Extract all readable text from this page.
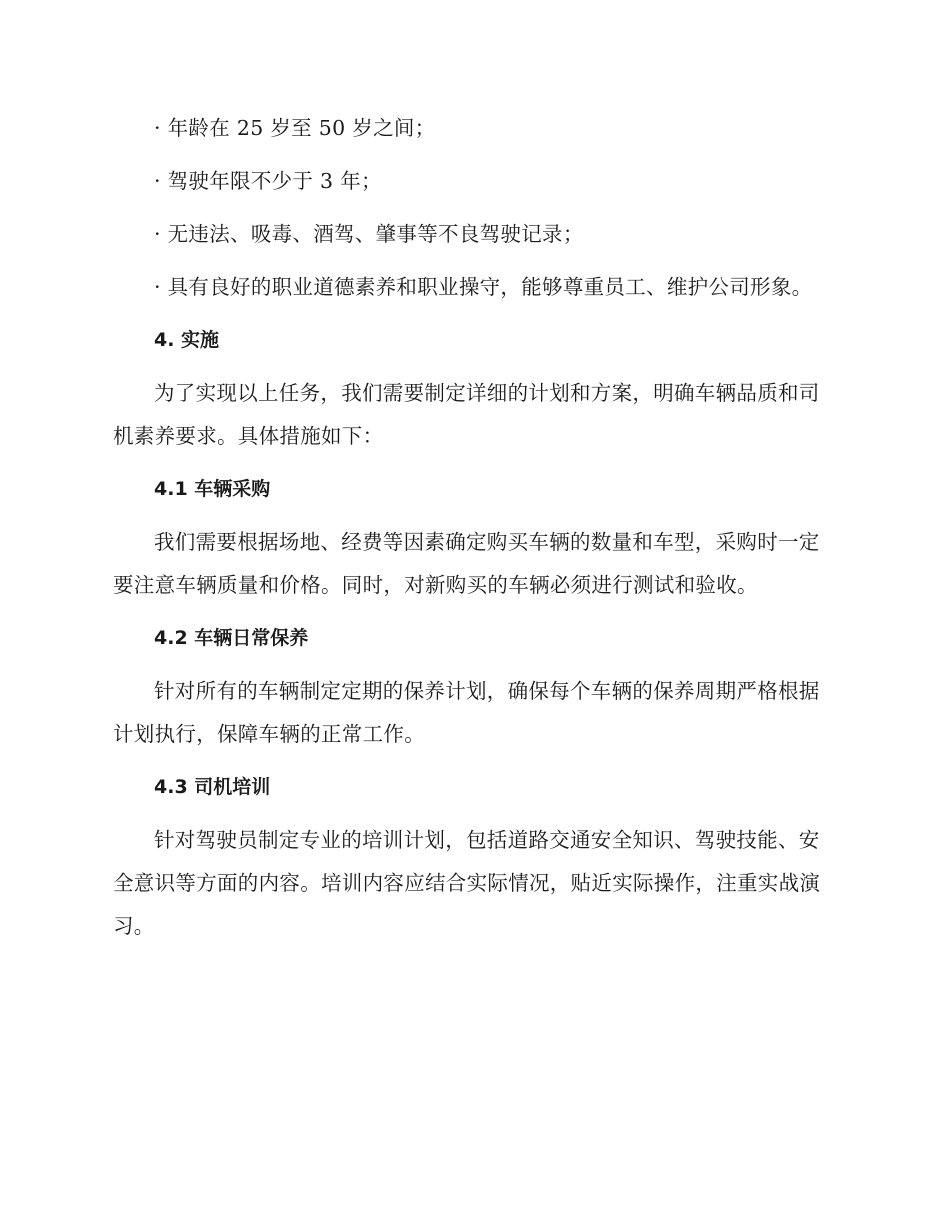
· 年龄在 25 岁至 50 岁之间；

· 驾驶年限不少于 3 年；

· 无违法、吸毒、酒驾、肇事等不良驾驶记录；

· 具有良好的职业道德素养和职业操守，能够尊重员工、维护公司形象。

4. 实施

为了实现以上任务，我们需要制定详细的计划和方案，明确车辆品质和司机素养要求。具体措施如下：

4.1 车辆采购

我们需要根据场地、经费等因素确定购买车辆的数量和车型，采购时一定要注意车辆质量和价格。同时，对新购买的车辆必须进行测试和验收。

4.2 车辆日常保养

针对所有的车辆制定定期的保养计划，确保每个车辆的保养周期严格根据计划执行，保障车辆的正常工作。

4.3 司机培训

针对驾驶员制定专业的培训计划，包括道路交通安全知识、驾驶技能、安全意识等方面的内容。培训内容应结合实际情况，贴近实际操作，注重实战演习。
